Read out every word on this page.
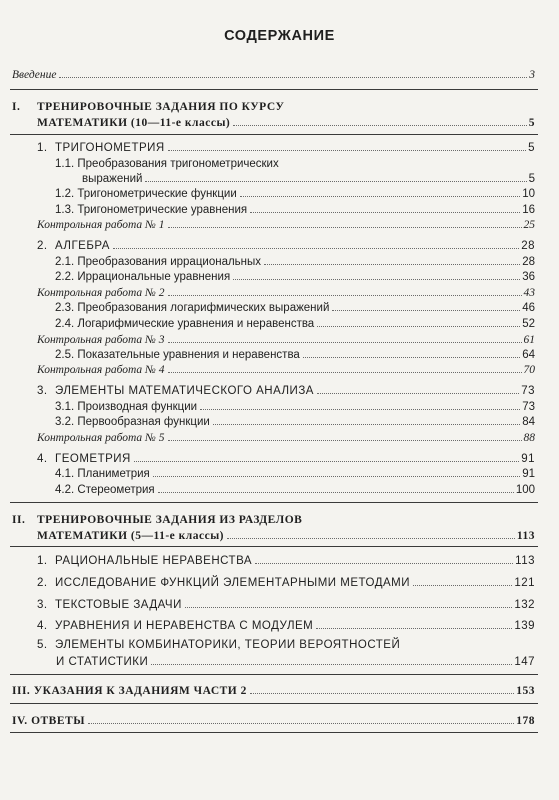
СОДЕРЖАНИЕ
Введение	3
I. ТРЕНИРОВОЧНЫЕ ЗАДАНИЯ ПО КУРСУ
МАТЕМАТИКИ (10—11-е классы)	5
1. ТРИГОНОМЕТРИЯ	5
1.1. Преобразования тригонометрических
выражений	5
1.2. Тригонометрические функции	10
1.3. Тригонометрические уравнения	16
Контрольная работа № 1	25
2. АЛГЕБРА	28
2.1. Преобразования иррациональных	28
2.2. Иррациональные уравнения	36
Контрольная работа № 2	43
2.3. Преобразования логарифмических выражений	46
2.4. Логарифмические уравнения и неравенства	52
Контрольная работа № 3	61
2.5. Показательные уравнения и неравенства	64
Контрольная работа № 4	70
3. ЭЛЕМЕНТЫ МАТЕМАТИЧЕСКОГО АНАЛИЗА	73
3.1. Производная функции	73
3.2. Первообразная функции	84
Контрольная работа № 5	88
4. ГЕОМЕТРИЯ	91
4.1. Планиметрия	91
4.2. Стереометрия	100
II. ТРЕНИРОВОЧНЫЕ ЗАДАНИЯ ИЗ РАЗДЕЛОВ
МАТЕМАТИКИ (5—11-е классы)	113
1. РАЦИОНАЛЬНЫЕ НЕРАВЕНСТВА	113
2. ИССЛЕДОВАНИЕ ФУНКЦИЙ ЭЛЕМЕНТАРНЫМИ МЕТОДАМИ	121
3. ТЕКСТОВЫЕ ЗАДАЧИ	132
4. УРАВНЕНИЯ И НЕРАВЕНСТВА С МОДУЛЕМ	139
5. ЭЛЕМЕНТЫ КОМБИНАТОРИКИ, ТЕОРИИ ВЕРОЯТНОСТЕЙ
И СТАТИСТИКИ	147
III. УКАЗАНИЯ К ЗАДАНИЯМ ЧАСТИ 2	153
IV. ОТВЕТЫ	178
